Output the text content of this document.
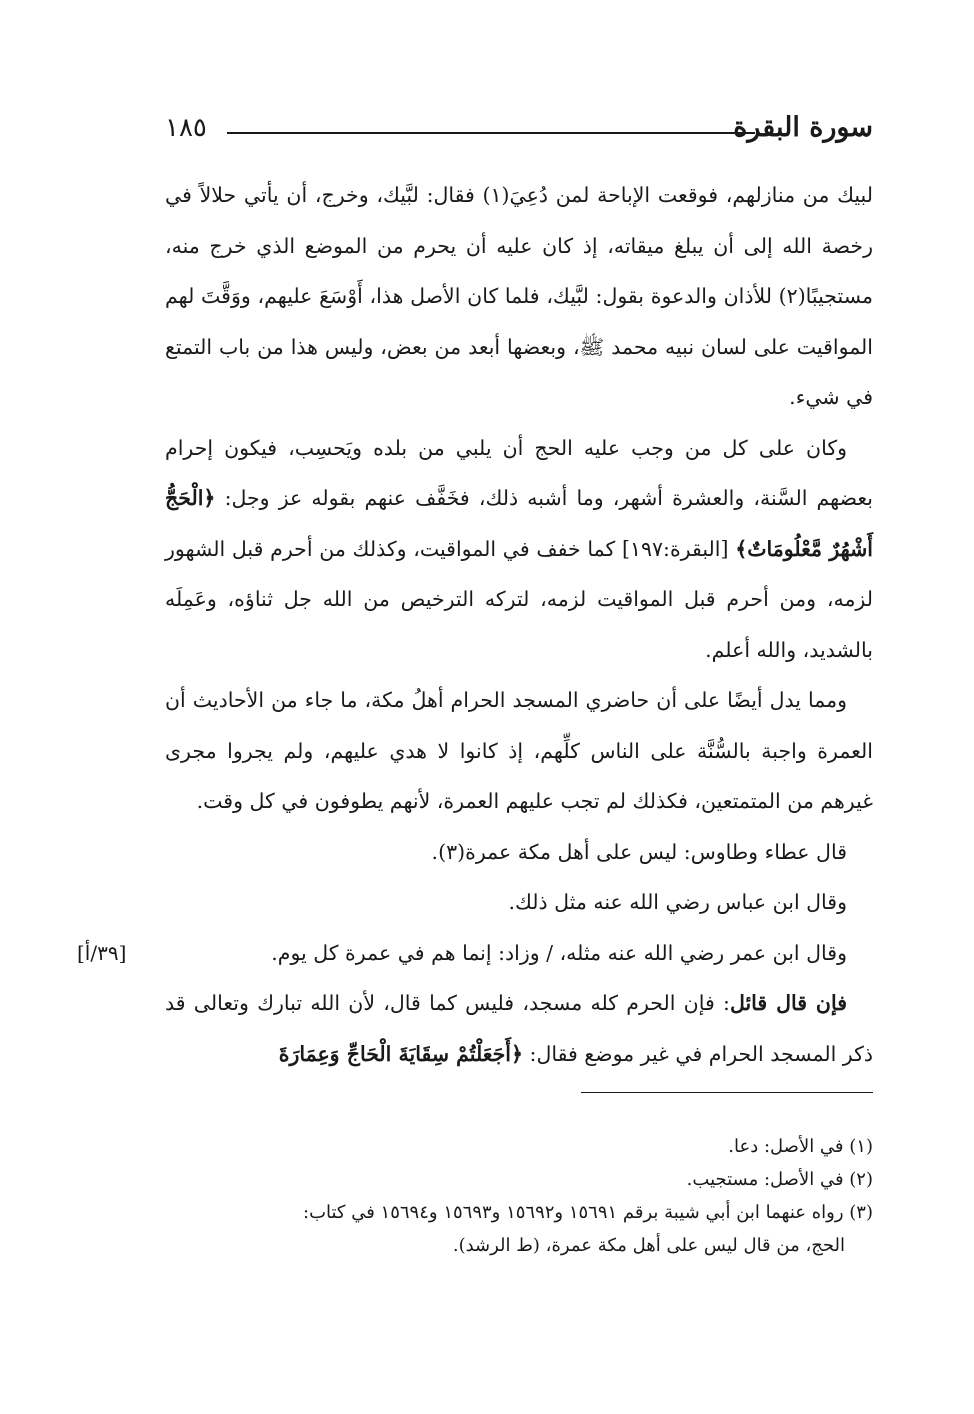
سورة البقرة
١٨٥

لبيك من منازلهم، فوقعت الإباحة لمن دُعِيَ(١) فقال: لبَّيك، وخرج، أن يأتي حلالاً في رخصة الله إلى أن يبلغ ميقاته، إذ كان عليه أن يحرم من الموضع الذي خرج منه، مستجيبًا(٢) للأذان والدعوة بقول: لبَّيك، فلما كان الأصل هذا، أَوْسَعَ عليهم، ووَقَّتَ لهم المواقيت على لسان نبيه محمد ﷺ، وبعضها أبعد من بعض، وليس هذا من باب التمتع في شيء.

وكان على كل من وجب عليه الحج أن يلبي من بلده ويَحسِب، فيكون إحرام بعضهم السَّنة، والعشرة أشهر، وما أشبه ذلك، فخَفَّف عنهم بقوله عز وجل: ﴿الْحَجُّ أَشْهُرٌ مَّعْلُومَاتٌ﴾ [البقرة:١٩٧] كما خفف في المواقيت، وكذلك من أحرم قبل الشهور لزمه، ومن أحرم قبل المواقيت لزمه، لتركه الترخيص من الله جل ثناؤه، وعَمِلَه بالشديد، والله أعلم.

ومما يدل أيضًا على أن حاضري المسجد الحرام أهلُ مكة، ما جاء من الأحاديث أن العمرة واجبة بالسُّنَّة على الناس كلِّهم، إذ كانوا لا هدي عليهم، ولم يجروا مجرى غيرهم من المتمتعين، فكذلك لم تجب عليهم العمرة، لأنهم يطوفون في كل وقت.

قال عطاء وطاوس: ليس على أهل مكة عمرة(٣).

وقال ابن عباس رضي الله عنه مثل ذلك.

وقال ابن عمر رضي الله عنه مثله، / وزاد: إنما هم في عمرة كل يوم.
[٣٩/أ]

فإن قال قائل: فإن الحرم كله مسجد، فليس كما قال، لأن الله تبارك وتعالى قد ذكر المسجد الحرام في غير موضع فقال: ﴿أَجَعَلْتُمْ سِقَايَةَ الْحَاجِّ وَعِمَارَةَ

(١) في الأصل: دعا.

(٢) في الأصل: مستجيب.

(٣) رواه عنهما ابن أبي شيبة برقم ١٥٦٩١ و١٥٦٩٢ و١٥٦٩٣ و١٥٦٩٤ في كتاب:

الحج، من قال ليس على أهل مكة عمرة، (ط الرشد).
